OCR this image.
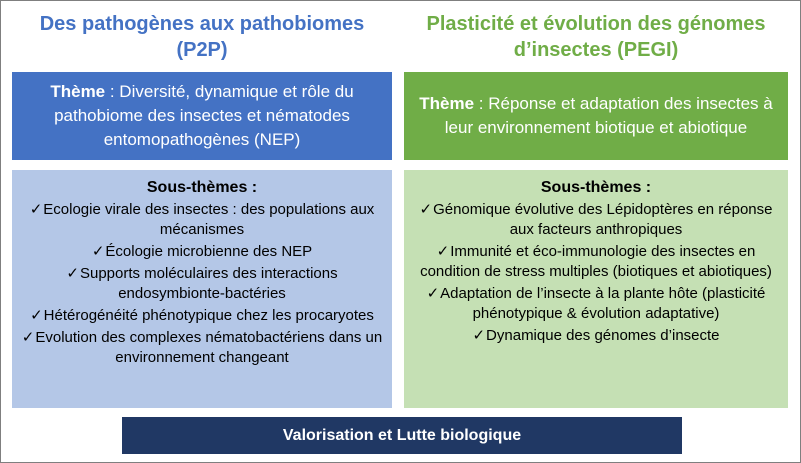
Des pathogènes aux pathobiomes
(P2P)
Plasticité et évolution des génomes
d’insectes (PEGI)
Thème : Diversité, dynamique et rôle du pathobiome des insectes et nématodes entomopathogènes (NEP)
Thème : Réponse et adaptation des insectes à leur environnement biotique et abiotique
Sous-thèmes :
✓Ecologie virale des insectes : des populations aux mécanismes
✓Écologie microbienne des NEP
✓Supports moléculaires des interactions endosymbionte-bactéries
✓Hétérogénéité phénotypique chez les procaryotes
✓Evolution des complexes nématobactériens dans un environnement changeant
Sous-thèmes :
✓Génomique évolutive des Lépidoptères en réponse aux facteurs anthropiques
✓Immunité et éco-immunologie des insectes en condition de stress multiples (biotiques et abiotiques)
✓Adaptation de l’insecte à la plante hôte (plasticité phénotypique & évolution adaptative)
✓Dynamique des génomes d’insecte
Valorisation et Lutte biologique
